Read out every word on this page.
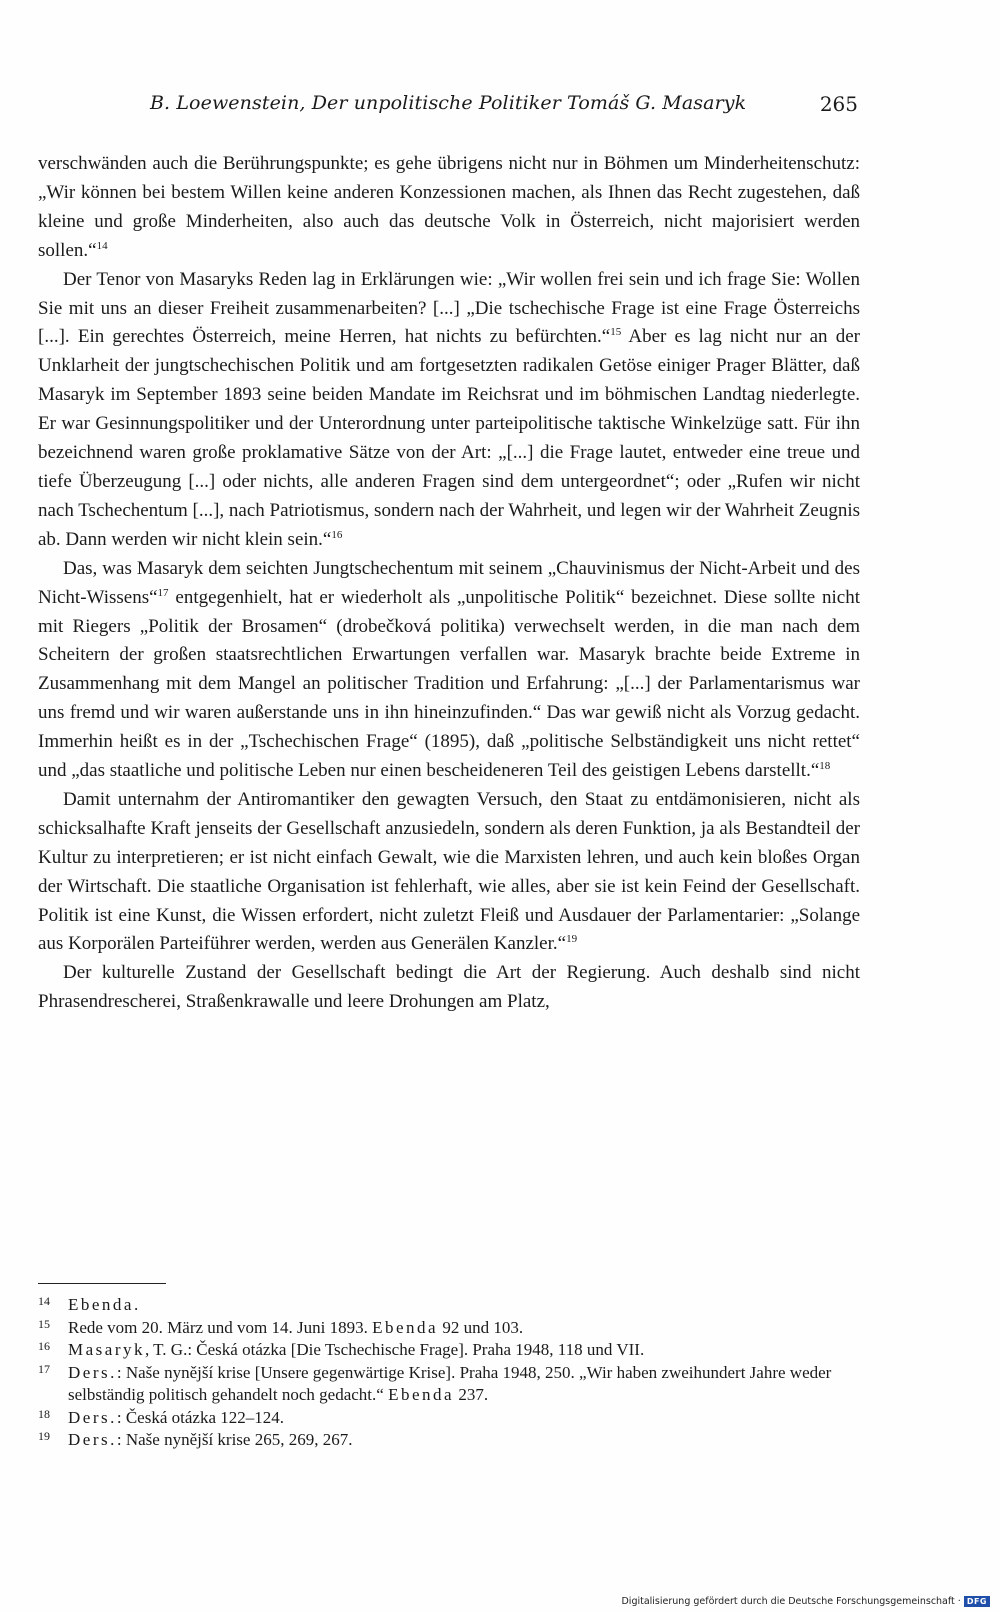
B. Loewenstein, Der unpolitische Politiker Tomáš G. Masaryk	265

verschwänden auch die Berührungspunkte; es gehe übrigens nicht nur in Böhmen um Minderheitenschutz: „Wir können bei bestem Willen keine anderen Konzessionen machen, als Ihnen das Recht zugestehen, daß kleine und große Minderheiten, also auch das deutsche Volk in Österreich, nicht majorisiert werden sollen.“$^{14}$

Der Tenor von Masaryks Reden lag in Erklärungen wie: „Wir wollen frei sein und ich frage Sie: Wollen Sie mit uns an dieser Freiheit zusammenarbeiten? [...] „Die tschechische Frage ist eine Frage Österreichs [...]. Ein gerechtes Österreich, meine Herren, hat nichts zu befürchten.“$^{15}$ Aber es lag nicht nur an der Unklarheit der jungtschechischen Politik und am fortgesetzten radikalen Getöse einiger Prager Blätter, daß Masaryk im September 1893 seine beiden Mandate im Reichsrat und im böhmischen Landtag niederlegte. Er war Gesinnungspolitiker und der Unterordnung unter parteipolitische taktische Winkelzüge satt. Für ihn bezeichnend waren große proklamative Sätze von der Art: „[...] die Frage lautet, entweder eine treue und tiefe Überzeugung [...] oder nichts, alle anderen Fragen sind dem untergeordnet“; oder „Rufen wir nicht nach Tschechentum [...], nach Patriotismus, sondern nach der Wahrheit, und legen wir der Wahrheit Zeugnis ab. Dann werden wir nicht klein sein.“$^{16}$

Das, was Masaryk dem seichten Jungtschechentum mit seinem „Chauvinismus der Nicht-Arbeit und des Nicht-Wissens“$^{17}$ entgegenhielt, hat er wiederholt als „unpolitische Politik“ bezeichnet. Diese sollte nicht mit Riegers „Politik der Brosamen“ (drobečková politika) verwechselt werden, in die man nach dem Scheitern der großen staatsrechtlichen Erwartungen verfallen war. Masaryk brachte beide Extreme in Zusammenhang mit dem Mangel an politischer Tradition und Erfahrung: „[...] der Parlamentarismus war uns fremd und wir waren außerstande uns in ihn hineinzufinden.“ Das war gewiß nicht als Vorzug gedacht. Immerhin heißt es in der „Tschechischen Frage“ (1895), daß „politische Selbständigkeit uns nicht rettet“ und „das staatliche und politische Leben nur einen bescheideneren Teil des geistigen Lebens darstellt.“$^{18}$

Damit unternahm der Antiromantiker den gewagten Versuch, den Staat zu entdämonisieren, nicht als schicksalhafte Kraft jenseits der Gesellschaft anzusiedeln, sondern als deren Funktion, ja als Bestandteil der Kultur zu interpretieren; er ist nicht einfach Gewalt, wie die Marxisten lehren, und auch kein bloßes Organ der Wirtschaft. Die staatliche Organisation ist fehlerhaft, wie alles, aber sie ist kein Feind der Gesellschaft. Politik ist eine Kunst, die Wissen erfordert, nicht zuletzt Fleiß und Ausdauer der Parlamentarier: „Solange aus Korporälen Parteiführer werden, werden aus Generälen Kanzler.“$^{19}$

Der kulturelle Zustand der Gesellschaft bedingt die Art der Regierung. Auch deshalb sind nicht Phrasendrescherei, Straßenkrawalle und leere Drohungen am Platz,

14 Ebenda.
15 Rede vom 20. März und vom 14. Juni 1893. Ebenda 92 und 103.
16 Masaryk, T. G.: Česká otázka [Die Tschechische Frage]. Praha 1948, 118 und VII.
17 Ders.: Naše nynější krise [Unsere gegenwärtige Krise]. Praha 1948, 250. „Wir haben zweihundert Jahre weder selbständig politisch gehandelt noch gedacht.“ Ebenda 237.
18 Ders.: Česká otázka 122–124.
19 Ders.: Naše nynější krise 265, 269, 267.
Digitalisierung gefördert durch die Deutsche Forschungsgemeinschaft · DFG
